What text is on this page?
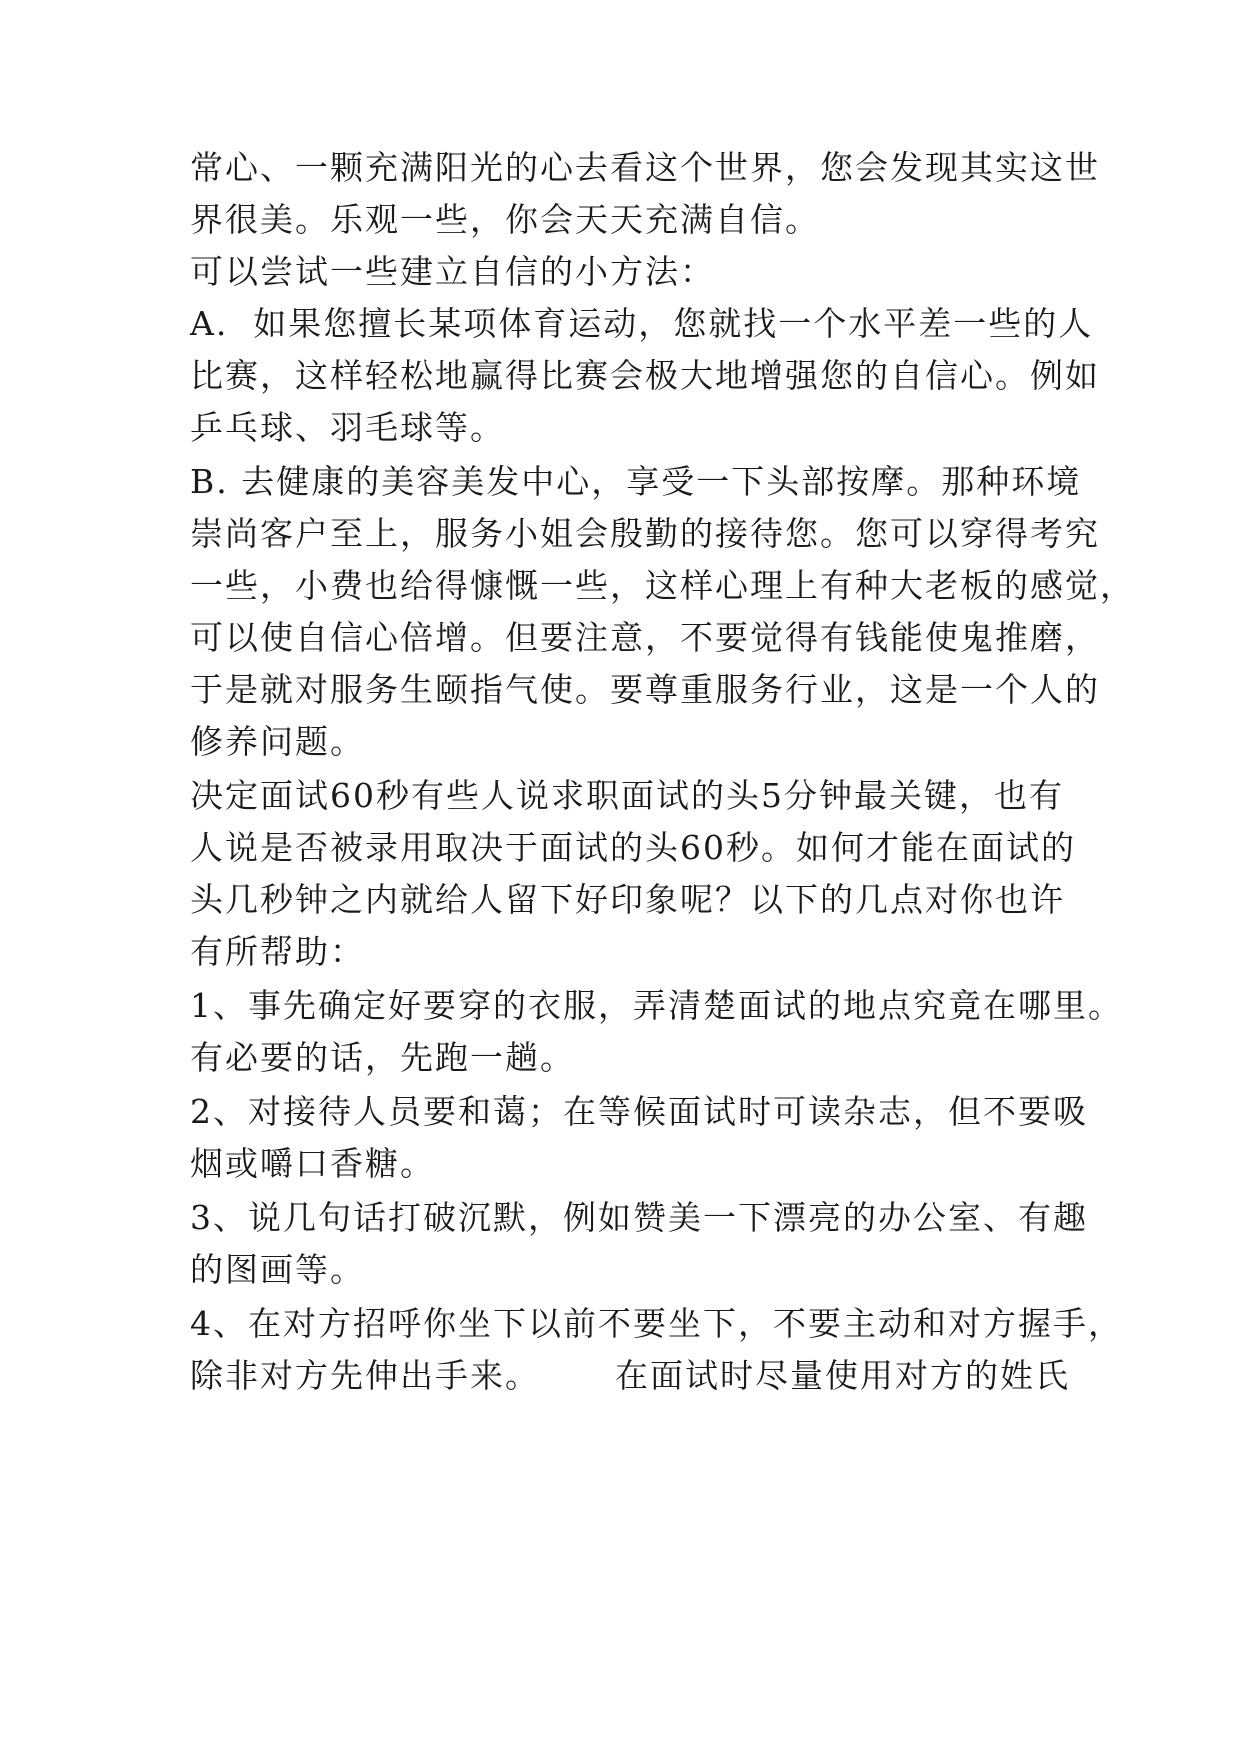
常心、一颗充满阳光的心去看这个世界，您会发现其实这世
界很美。乐观一些，你会天天充满自信。
可以尝试一些建立自信的小方法：
A.  如果您擅长某项体育运动，您就找一个水平差一些的人
比赛，这样轻松地赢得比赛会极大地增强您的自信心。例如
乒乓球、羽毛球等。
B. 去健康的美容美发中心，享受一下头部按摩。那种环境
崇尚客户至上，服务小姐会殷勤的接待您。您可以穿得考究
一些，小费也给得慷慨一些，这样心理上有种大老板的感觉，
可以使自信心倍增。但要注意，不要觉得有钱能使鬼推磨，
于是就对服务生颐指气使。要尊重服务行业，这是一个人的
修养问题。
决定面试60秒有些人说求职面试的头5分钟最关键，也有
人说是否被录用取决于面试的头60秒。如何才能在面试的
头几秒钟之内就给人留下好印象呢？以下的几点对你也许
有所帮助：
1、事先确定好要穿的衣服，弄清楚面试的地点究竟在哪里。
有必要的话，先跑一趟。
2、对接待人员要和蔼；在等候面试时可读杂志，但不要吸
烟或嚼口香糖。
3、说几句话打破沉默，例如赞美一下漂亮的办公室、有趣
的图画等。
4、在对方招呼你坐下以前不要坐下，不要主动和对方握手，
除非对方先伸出手来。      在面试时尽量使用对方的姓氏
